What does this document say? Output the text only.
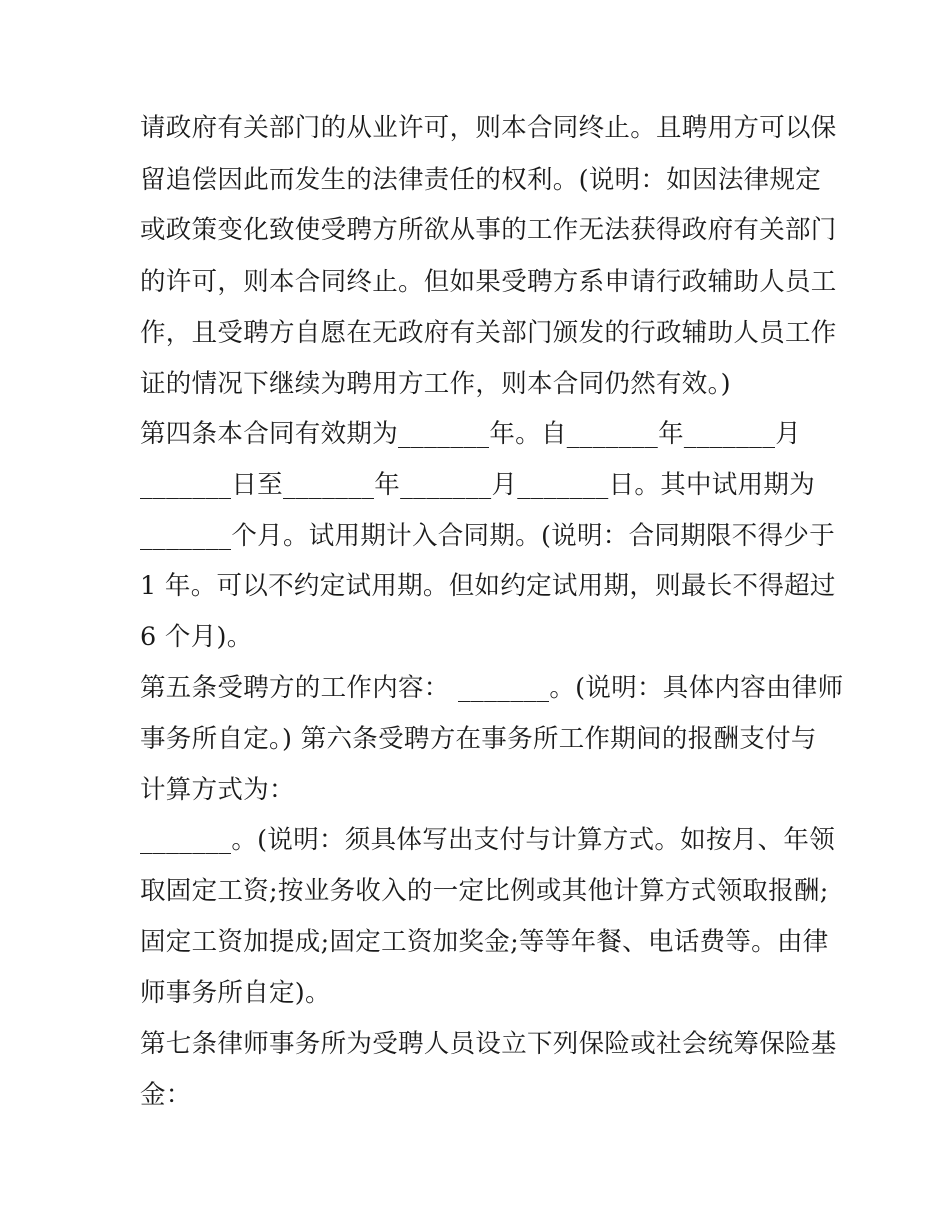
请政府有关部门的从业许可，则本合同终止。且聘用方可以保
留追偿因此而发生的法律责任的权利。(说明：如因法律规定
或政策变化致使受聘方所欲从事的工作无法获得政府有关部门
的许可，则本合同终止。但如果受聘方系申请行政辅助人员工
作，且受聘方自愿在无政府有关部门颁发的行政辅助人员工作
证的情况下继续为聘用方工作，则本合同仍然有效。)
第四条本合同有效期为_______年。自_______年_______月
_______日至_______年_______月_______日。其中试用期为
_______个月。试用期计入合同期。(说明：合同期限不得少于
1 年。可以不约定试用期。但如约定试用期，则最长不得超过
6 个月)。
第五条受聘方的工作内容： _______。(说明：具体内容由律师
事务所自定。) 第六条受聘方在事务所工作期间的报酬支付与
计算方式为：
_______。(说明：须具体写出支付与计算方式。如按月、年领
取固定工资;按业务收入的一定比例或其他计算方式领取报酬;
固定工资加提成;固定工资加奖金;等等年餐、电话费等。由律
师事务所自定)。
第七条律师事务所为受聘人员设立下列保险或社会统筹保险基
金：
